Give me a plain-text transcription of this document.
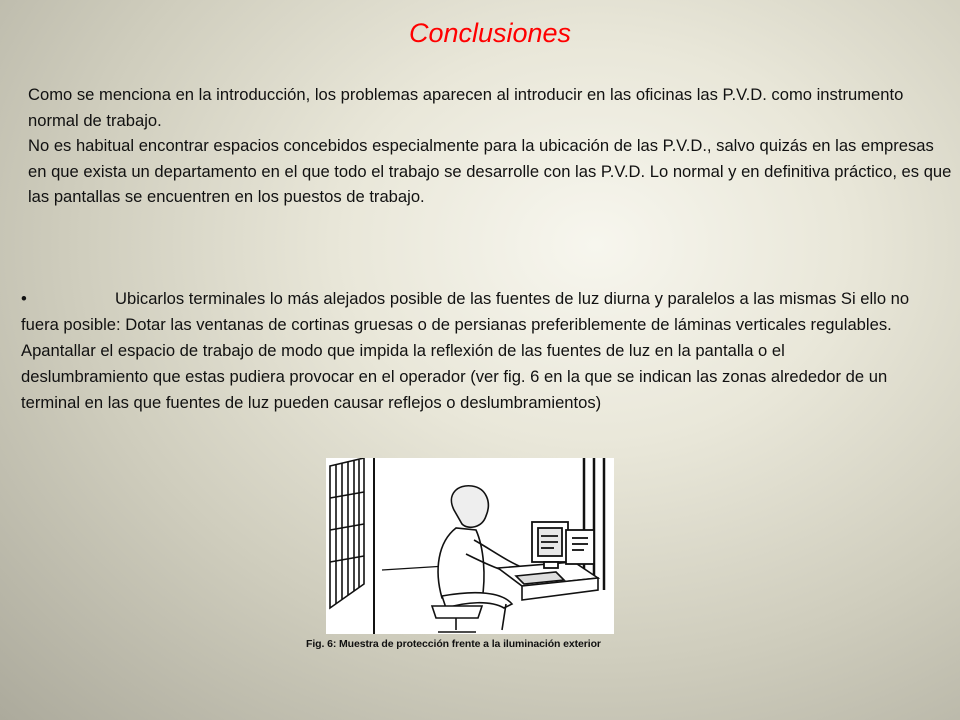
Conclusiones

Como se menciona en la introducción, los problemas aparecen al introducir en las oficinas las P.V.D. como instrumento normal de trabajo.

No es habitual encontrar espacios concebidos especialmente para la ubicación de las P.V.D., salvo quizás en las empresas en que exista un departamento en el que todo el trabajo se desarrolle con las P.V.D. Lo normal y en definitiva práctico, es que las pantallas se encuentren en los puestos de trabajo.

•	Ubicarlos terminales lo más alejados posible de las fuentes de luz diurna y paralelos a las mismas Si ello no fuera posible: Dotar las ventanas de cortinas gruesas o de persianas preferiblemente de láminas verticales regulables. Apantallar el espacio de trabajo de modo que impida la reflexión de las fuentes de luz en la pantalla o el deslumbramiento que estas pudiera provocar en el operador (ver fig. 6 en la que se indican las zonas alrededor de un terminal en las que fuentes de luz pueden causar reflejos o deslumbramientos)
Fig. 6: Muestra de protección frente a la iluminación exterior
